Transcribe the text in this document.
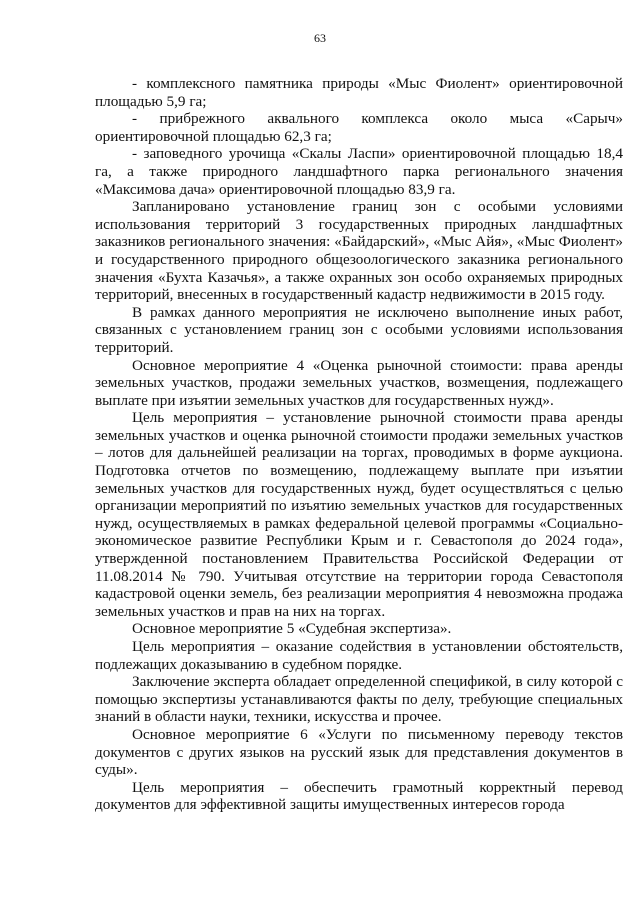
63

- комплексного памятника природы «Мыс Фиолент» ориентировочной площадью 5,9 га;

- прибрежного аквального комплекса около мыса «Сарыч» ориентировочной площадью 62,3 га;

- заповедного урочища «Скалы Ласпи» ориентировочной площадью 18,4 га, а также природного ландшафтного парка регионального значения «Максимова дача» ориентировочной площадью 83,9 га.

Запланировано установление границ зон с особыми условиями использования территорий 3 государственных природных ландшафтных заказников регионального значения: «Байдарский», «Мыс Айя», «Мыс Фиолент» и государственного природного общезоологического заказника регионального значения «Бухта Казачья», а также охранных зон особо охраняемых природных территорий, внесенных в государственный кадастр недвижимости в 2015 году.

В рамках данного мероприятия не исключено выполнение иных работ, связанных с установлением границ зон с особыми условиями использования территорий.

Основное мероприятие 4 «Оценка рыночной стоимости: права аренды земельных участков, продажи земельных участков, возмещения, подлежащего выплате при изъятии земельных участков для государственных нужд».

Цель мероприятия – установление рыночной стоимости права аренды земельных участков и оценка рыночной стоимости продажи земельных участков – лотов для дальнейшей реализации на торгах, проводимых в форме аукциона. Подготовка отчетов по возмещению, подлежащему выплате при изъятии земельных участков для государственных нужд, будет осуществляться с целью организации мероприятий по изъятию земельных участков для государственных нужд, осуществляемых в рамках федеральной целевой программы «Социально-экономическое развитие Республики Крым и г. Севастополя до 2024 года», утвержденной постановлением Правительства Российской Федерации от 11.08.2014 № 790. Учитывая отсутствие на территории города Севастополя кадастровой оценки земель, без реализации мероприятия 4 невозможна продажа земельных участков и прав на них на торгах.

Основное мероприятие 5 «Судебная экспертиза».

Цель мероприятия – оказание содействия в установлении обстоятельств, подлежащих доказыванию в судебном порядке.

Заключение эксперта обладает определенной спецификой, в силу которой с помощью экспертизы устанавливаются факты по делу, требующие специальных знаний в области науки, техники, искусства и прочее.

Основное мероприятие 6 «Услуги по письменному переводу текстов документов с других языков на русский язык для представления документов в суды».

Цель мероприятия – обеспечить грамотный корректный перевод документов для эффективной защиты имущественных интересов города
